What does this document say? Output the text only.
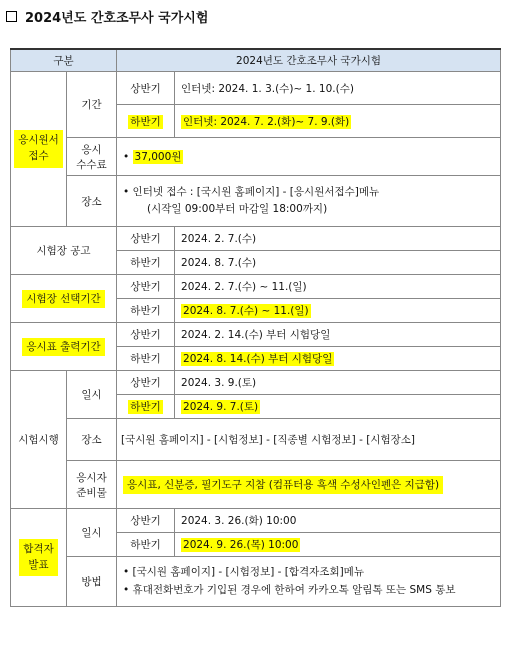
2024년도 간호조무사 국가시험
구분		2024년도 간호조무사 국가시험	
응시원서
접수	기간	상반기	인터넷: 2024. 1. 3.(수)~ 1. 10.(수)
		하반기	인터넷: 2024. 7. 2.(화)~ 7. 9.(화)
	응시
수수료	• 37,000원	
	장소	• 인터넷 접수 : [국시원 홈페이지] - [응시원서접수]메뉴
(시작일 09:00부터 마감일 18:00까지)	

시험장 공고		상반기	2024. 2. 7.(수)
		하반기	2024. 8. 7.(수)
시험장 선택기간		상반기	2024. 2. 7.(수) ~ 11.(일)
		하반기	2024. 8. 7.(수) ~ 11.(일)
응시표 출력기간		상반기	2024. 2. 14.(수) 부터 시험당일
		하반기	2024. 8. 14.(수) 부터 시험당일
시험시행	일시	상반기	2024. 3. 9.(토)
		하반기	2024. 9. 7.(토)
	장소	[국시원 홈페이지] - [시험정보] - [직종별 시험정보] - [시험장소]	
	응시자
준비물	응시표, 신분증, 필기도구 지참 (컴퓨터용 흑색 수성사인펜은 지급함)	
합격자
발표	일시	상반기	2024. 3. 26.(화) 10:00
		하반기	2024. 9. 26.(목) 10:00
	방법	• [국시원 홈페이지] - [시험정보] - [합격자조회]메뉴
• 휴대전화번호가 기입된 경우에 한하여 카카오톡 알림톡 또는 SMS 통보	
